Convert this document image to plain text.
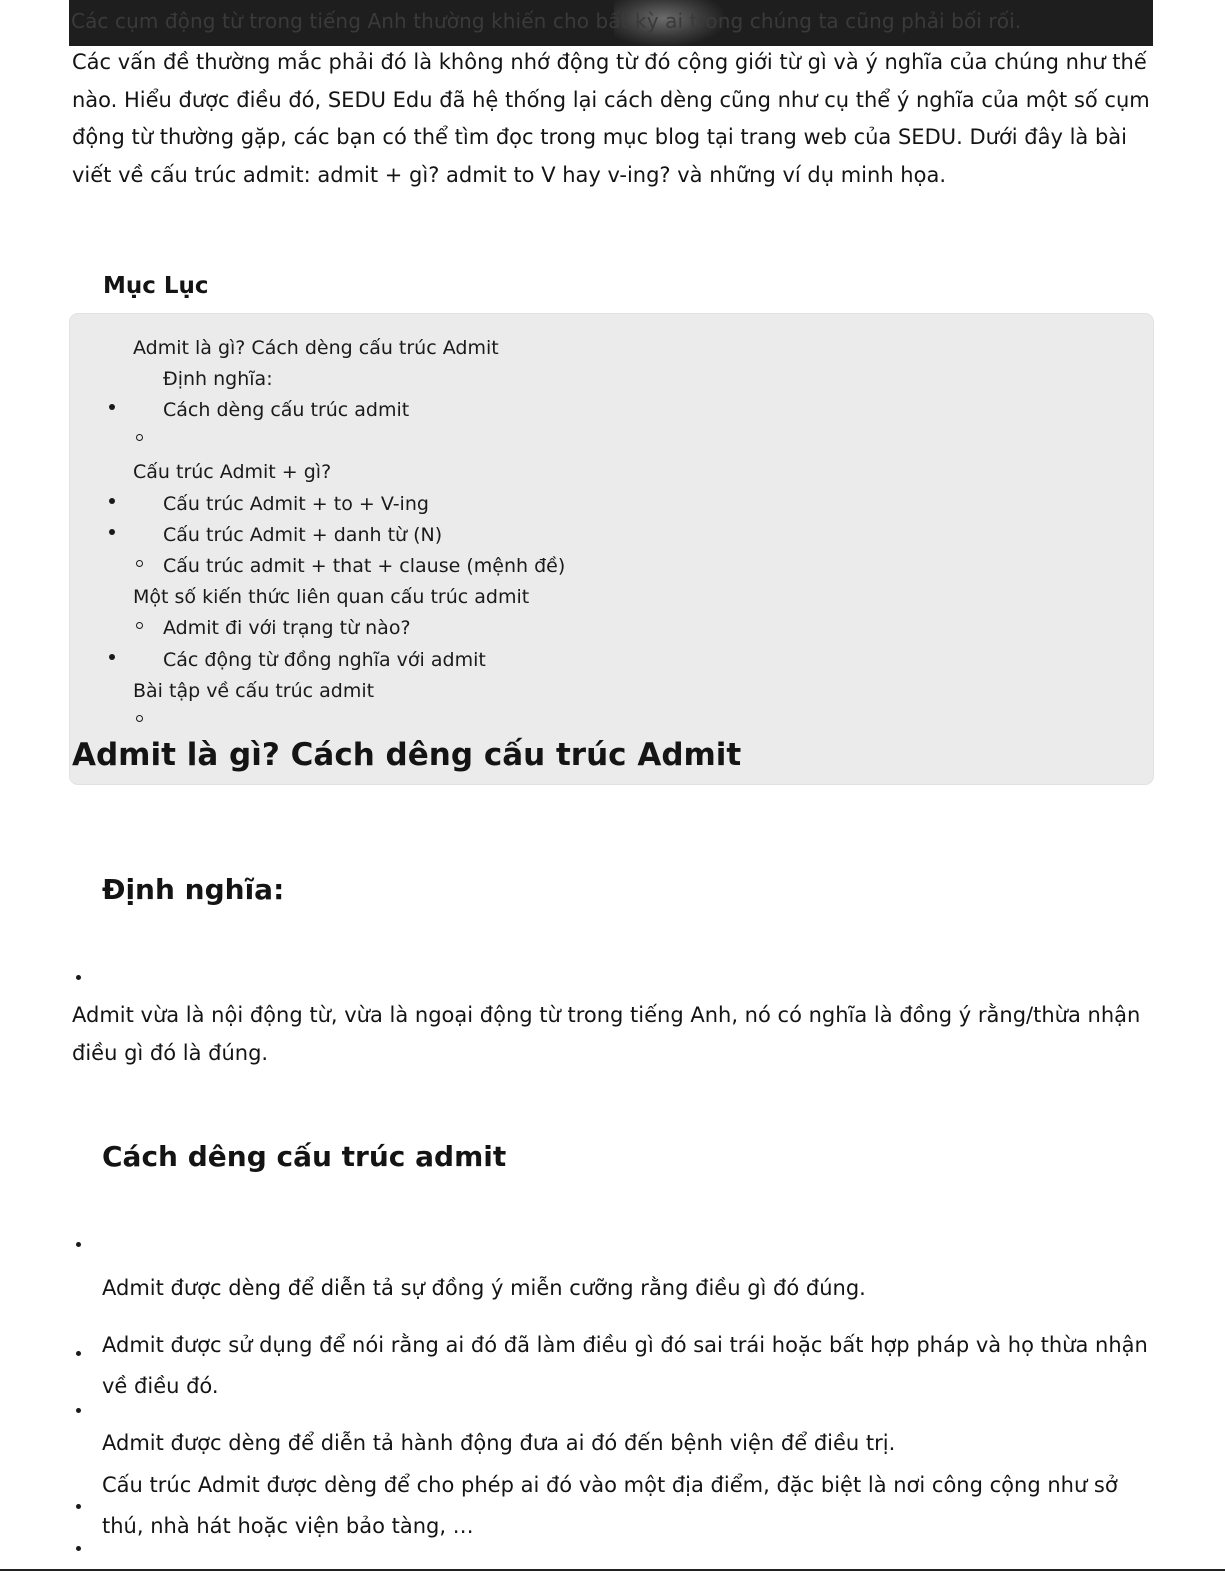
Các cụm động từ trong tiếng Anh thường khiến cho bất kỳ ai trong chúng ta cũng phải bối rối.

Các vấn đề thường mắc phải đó là không nhớ động từ đó cộng giới từ gì và ý nghĩa của chúng như thế nào. Hiểu được điều đó, SEDU Edu đã hệ thống lại cách dèng cũng như cụ thể ý nghĩa của một số cụm động từ thường gặp, các bạn có thể tìm đọc trong mục blog tại trang web của SEDU. Dưới đây là bài viết về cấu trúc admit: admit + gì? admit to V hay v-ing? và những ví dụ minh họa.

Mục Lục
Admit là gì? Cách dèng cấu trúc Admit
Định nghĩa:
Cách dèng cấu trúc admit
Cấu trúc Admit + gì?
Cấu trúc Admit + to + V-ing
Cấu trúc Admit + danh từ (N)
Cấu trúc admit + that + clause (mệnh đề)
Một số kiến thức liên quan cấu trúc admit
Admit đi với trạng từ nào?
Các động từ đồng nghĩa với admit
Bài tập về cấu trúc admit
Admit là gì? Cách dêng cấu trúc Admit
Định nghĩa:

Admit vừa là nội động từ, vừa là ngoại động từ trong tiếng Anh, nó có nghĩa là đồng ý rằng/thừa nhận điều gì đó là đúng.

Cách dêng cấu trúc admit

Admit được dèng để diễn tả sự đồng ý miễn cưỡng rằng điều gì đó đúng.

Admit được sử dụng để nói rằng ai đó đã làm điều gì đó sai trái hoặc bất hợp pháp và họ thừa nhận về điều đó.

Admit được dèng để diễn tả hành động đưa ai đó đến bệnh viện để điều trị.

Cấu trúc Admit được dèng để cho phép ai đó vào một địa điểm, đặc biệt là nơi công cộng như sở thú, nhà hát hoặc viện bảo tàng, …
